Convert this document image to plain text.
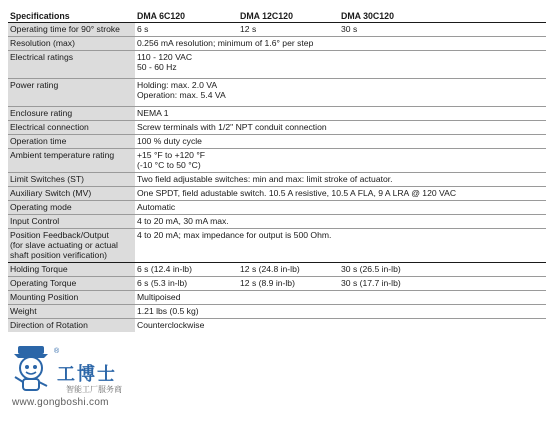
Specifications	DMA 6C120	DMA 12C120	DMA 30C120
Operating time for 90° stroke	6 s	12 s	30 s
Resolution (max)	0.256 mA resolution; minimum of 1.6° per step		
Electrical ratings	110 - 120 VAC
50 - 60 Hz		

Power rating	Holding: max. 2.0 VA
Operation: max. 5.4 VA		

Enclosure rating	NEMA 1		
Electrical connection	Screw terminals with 1/2" NPT conduit connection		
Operation time	100 % duty cycle		
Ambient temperature rating	+15 °F to +120 °F
(-10 °C to 50 °C)		

Limit Switches (ST)	Two field adjustable switches: min and max: limit stroke of actuator.		
Auxiliary Switch (MV)	One SPDT, field adustable switch. 10.5 A resistive, 10.5 A FLA, 9 A LRA @ 120 VAC		
Operating mode	Automatic		
Input Control	4 to 20 mA, 30 mA max.		

Position Feedback/Output
(for slave actuating or actual
shaft position verification)	4 to 20 mA; max impedance for output is 500 Ohm.		
Holding Torque	6 s (12.4 in-lb)	12 s (24.8 in-lb)	30 s (26.5 in-lb)
Operating Torque	6 s (5.3 in-lb)	12 s (8.9 in-lb)	30 s (17.7 in-lb)
Mounting Position	Multipoised		
Weight	1.21 lbs (0.5 kg)		
Direction of Rotation	Counterclockwise		
®
工博士
智能工厂服务商
www.gongboshi.com
